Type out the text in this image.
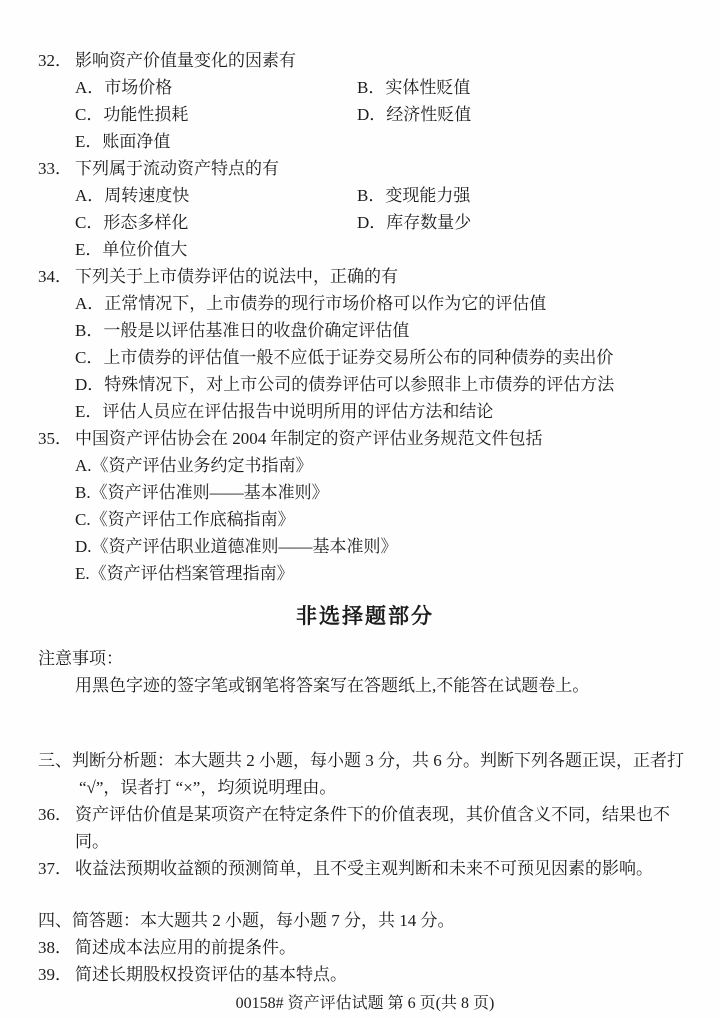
32． 影响资产价值量变化的因素有
A．市场价格	B．实体性贬值
C．功能性损耗	D．经济性贬值
E．账面净值
33． 下列属于流动资产特点的有
A．周转速度快	B．变现能力强
C．形态多样化	D．库存数量少
E．单位价值大
34． 下列关于上市债券评估的说法中，正确的有
A．正常情况下，上市债券的现行市场价格可以作为它的评估值
B．一般是以评估基准日的收盘价确定评估值
C．上市债券的评估值一般不应低于证券交易所公布的同种债券的卖出价
D．特殊情况下，对上市公司的债券评估可以参照非上市债券的评估方法
E．评估人员应在评估报告中说明所用的评估方法和结论
35． 中国资产评估协会在 2004 年制定的资产评估业务规范文件包括
A.《资产评估业务约定书指南》
B.《资产评估准则——基本准则》
C.《资产评估工作底稿指南》
D.《资产评估职业道德准则——基本准则》
E.《资产评估档案管理指南》
非选择题部分
注意事项：
用黑色字迹的签字笔或钢笔将答案写在答题纸上,不能答在试题卷上。
三、判断分析题：本大题共 2 小题，每小题 3 分，共 6 分。判断下列各题正误，正者打
“√”，误者打 “×”，均须说明理由。
36． 资产评估价值是某项资产在特定条件下的价值表现，其价值含义不同，结果也不同。
37． 收益法预期收益额的预测简单，且不受主观判断和未来不可预见因素的影响。
四、简答题：本大题共 2 小题，每小题 7 分，共 14 分。
38． 简述成本法应用的前提条件。
39． 简述长期股权投资评估的基本特点。
00158# 资产评估试题 第 6 页(共 8 页)
